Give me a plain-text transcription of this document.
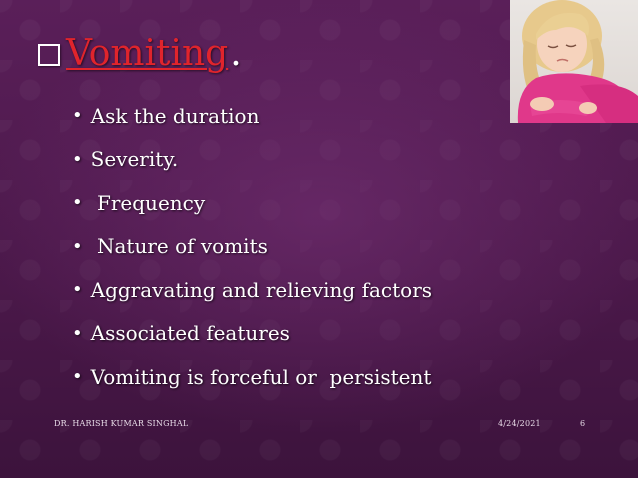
Vomiting .
• Ask the duration
• Severity.
• Frequency
• Nature of vomits
• Aggravating and relieving factors
• Associated features
• Vomiting is forceful or  persistent
DR. HARISH KUMAR SINGHAL	4/24/2021	6
